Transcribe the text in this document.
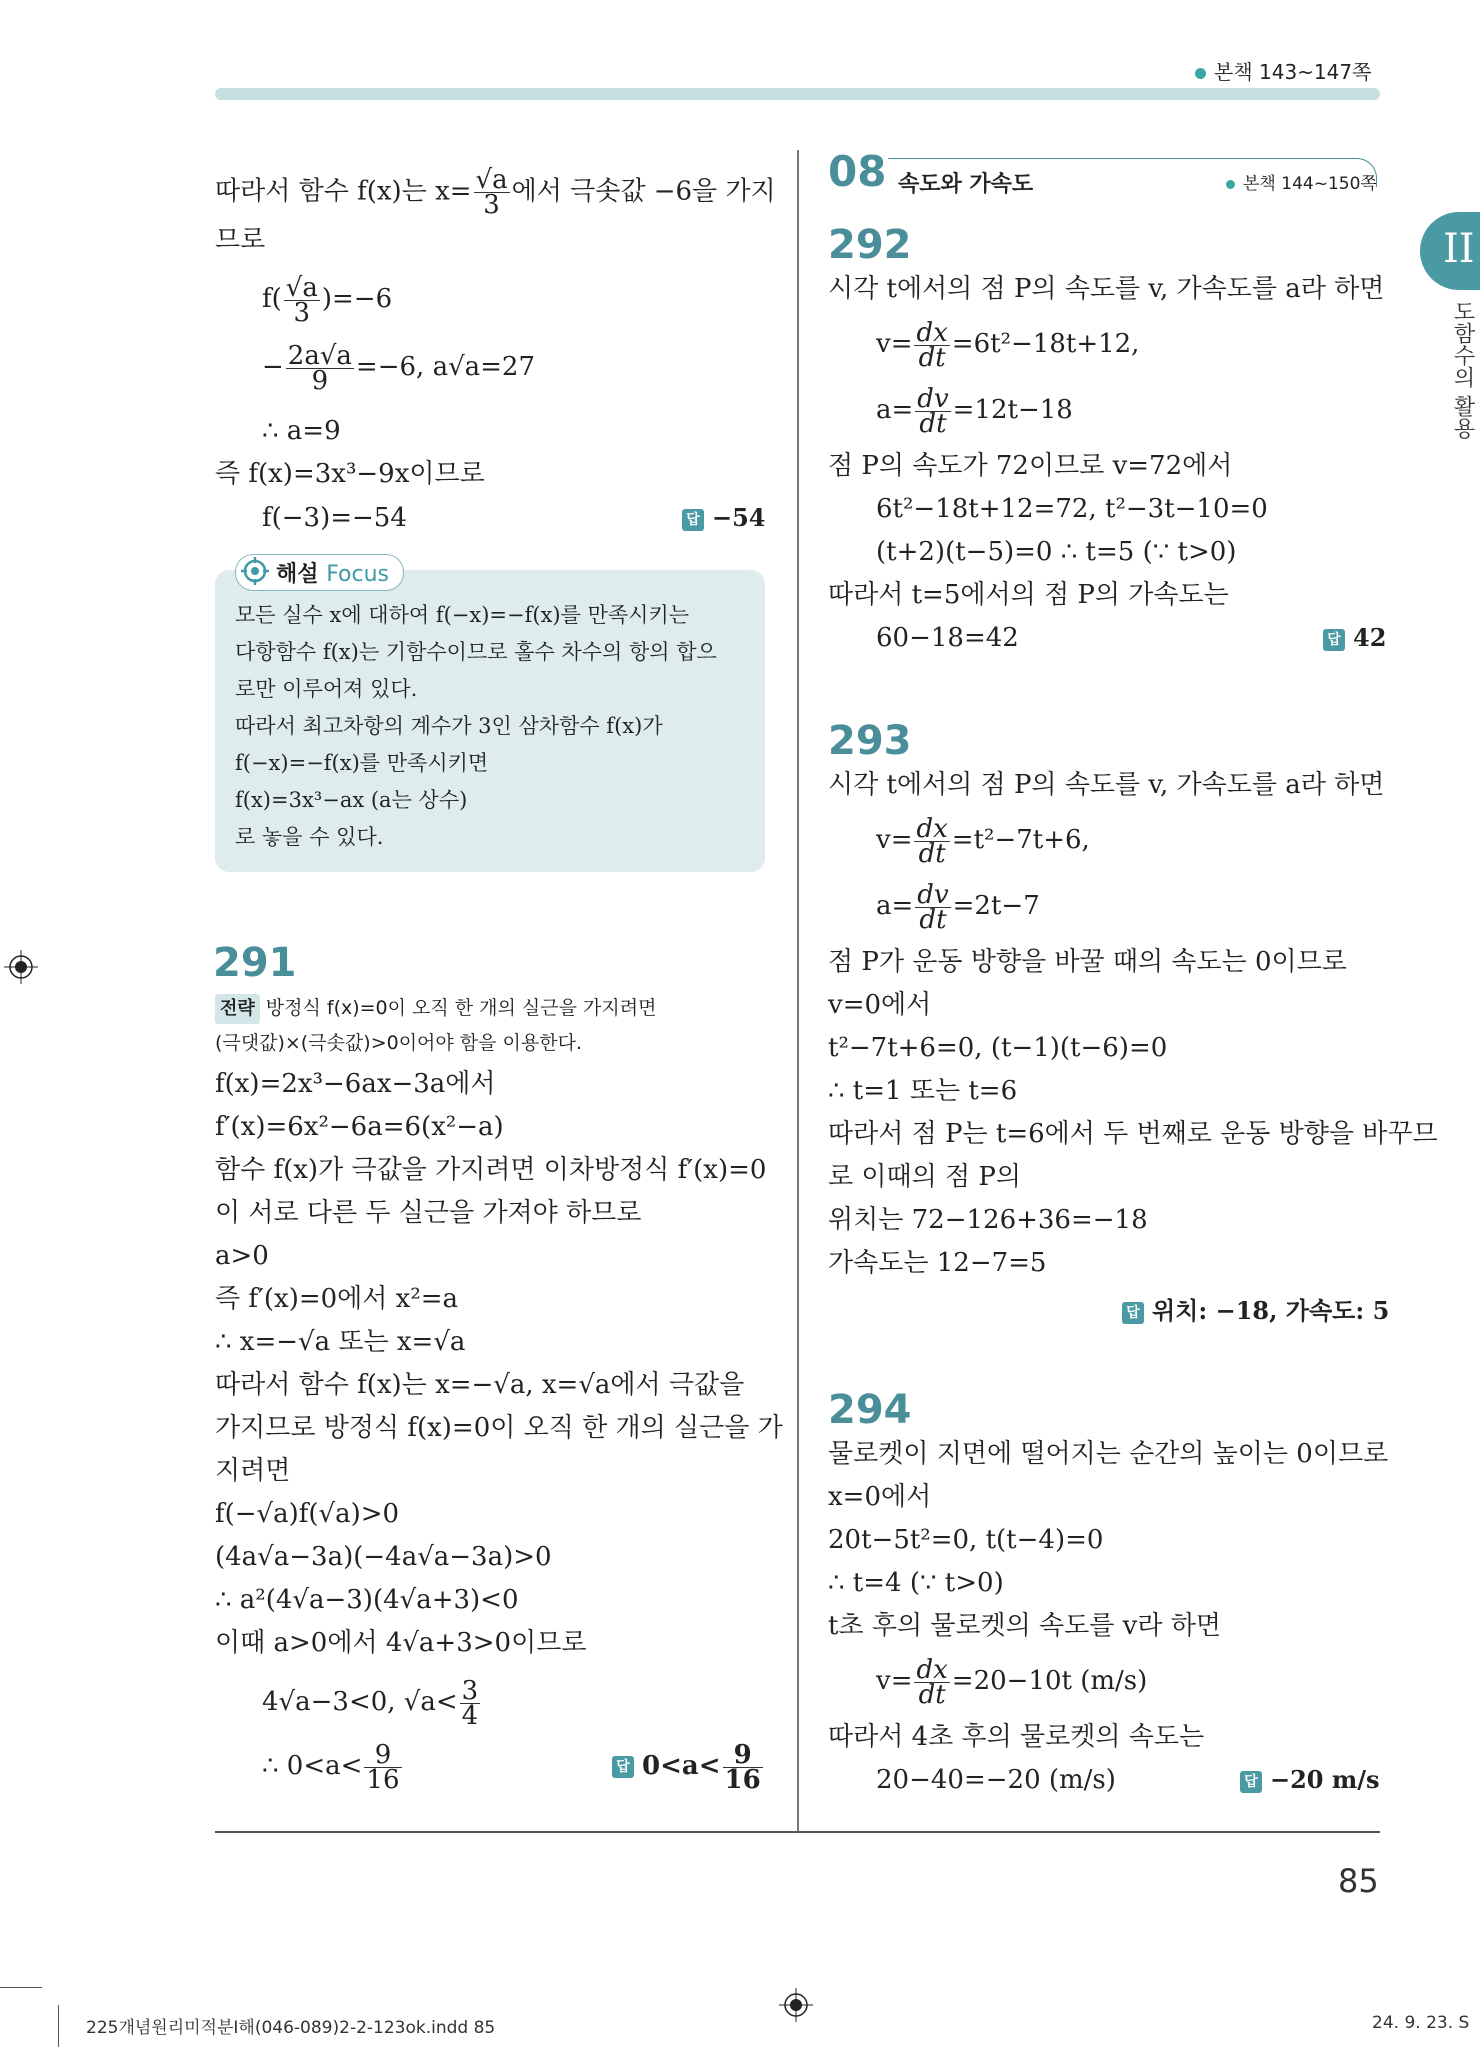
본책 143~147쪽
따라서 함수 f(x)는 $x= \frac{√a}{3}$ 에서 극솟값 −6을 가지
므로
$f( \frac{√a}{3} )=-6$
− $\frac{2a√a}{9} =-6$, a√a=27
∴ a=9
즉 f(x)=3x³−9x이므로
f(−3)=−54	답 −54
해설 Focus
모든 실수 x에 대하여 f(−x)=−f(x)를 만족시키는
다항함수 f(x)는 기함수이므로 홀수 차수의 항의 합으
로만 이루어져 있다.
따라서 최고차항의 계수가 3인 삼차함수 f(x)가
f(−x)=−f(x)를 만족시키면
f(x)=3x³−ax (a는 상수)
로 놓을 수 있다.
291
전략 방정식 f(x)=0이 오직 한 개의 실근을 가지려면
(극댓값)×(극솟값)>0이어야 함을 이용한다.
f(x)=2x³−6ax−3a에서
f′(x)=6x²−6a=6(x²−a)
함수 f(x)가 극값을 가지려면 이차방정식 f′(x)=0
이 서로 다른 두 실근을 가져야 하므로
a>0
즉 f′(x)=0에서 x²=a
∴ x=−√a 또는 x=√a
따라서 함수 f(x)는 x=−√a, x=√a에서 극값을
가지므로 방정식 f(x)=0이 오직 한 개의 실근을 가
지려면
f(−√a)f(√a)>0
(4a√a−3a)(−4a√a−3a)>0
∴ a²(4√a−3)(4√a+3)<0
이때 a>0에서 4√a+3>0이므로
4√a−3<0, $√a< \frac{3}{4}$
∴ $0<a< \frac{9}{16}$	답 $0<a< \frac{9}{16}$
08 속도와 가속도	본책 144~150쪽
292
시각 t에서의 점 P의 속도를 v, 가속도를 a라 하면
$v= \frac{dx}{dt} =6t^2-18t+12$,
$a= \frac{dv}{dt} =12t-18$
점 P의 속도가 72이므로 v=72에서
6t²−18t+12=72, t²−3t−10=0
(t+2)(t−5)=0 ∴ t=5 (∵ t>0)
따라서 t=5에서의 점 P의 가속도는
60−18=42	답 42
293
시각 t에서의 점 P의 속도를 v, 가속도를 a라 하면
$v= \frac{dx}{dt} =t^2-7t+6$,
$a= \frac{dv}{dt} =2t-7$
점 P가 운동 방향을 바꿀 때의 속도는 0이므로
v=0에서
t²−7t+6=0, (t−1)(t−6)=0
∴ t=1 또는 t=6
따라서 점 P는 t=6에서 두 번째로 운동 방향을 바꾸므
로 이때의 점 P의
위치는 72−126+36=−18
가속도는 12−7=5
답 위치: −18, 가속도: 5
294
물로켓이 지면에 떨어지는 순간의 높이는 0이므로
x=0에서
20t−5t²=0, t(t−4)=0
∴ t=4 (∵ t>0)
t초 후의 물로켓의 속도를 v라 하면
$v= \frac{dx}{dt} =20-10t$ (m/s)
따라서 4초 후의 물로켓의 속도는
20−40=−20 (m/s)	답 −20 m/s
85
II
도함수의 활용
225개념원리미적분Ⅰ해(046-089)2-2-123ok.indd 85	24. 9. 23. S
